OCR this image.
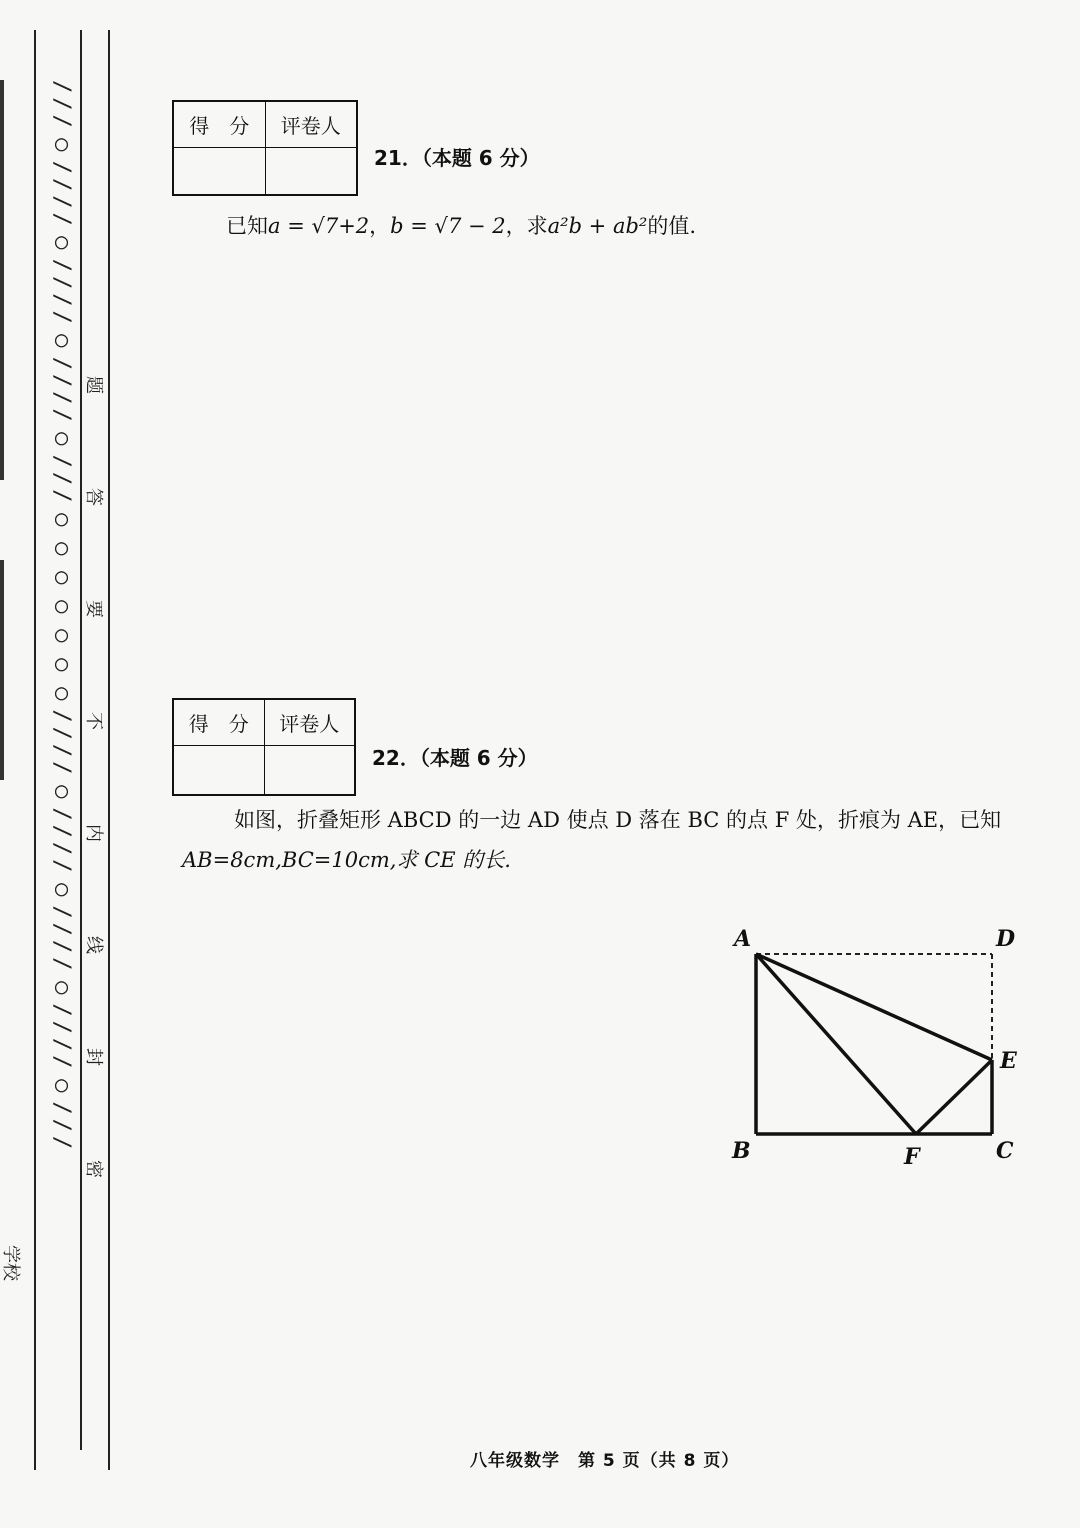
///○////○////○////○///○○○○○○○////○////○////○////○/// 题
答
要
不
内
线
封
密
学校
得　分	评卷人

21．（本题 6 分）
已知a = √7+2，b = √7 − 2，求a²b + ab²的值.
得　分	评卷人

22．（本题 6 分）
如图，折叠矩形 ABCD 的一边 AD 使点 D 落在 BC 的点 F 处，折痕为 AE，已知
AB=8cm,BC=10cm,求 CE 的长.
A	D
E
B	F	C
八年级数学　第 5 页（共 8 页）
